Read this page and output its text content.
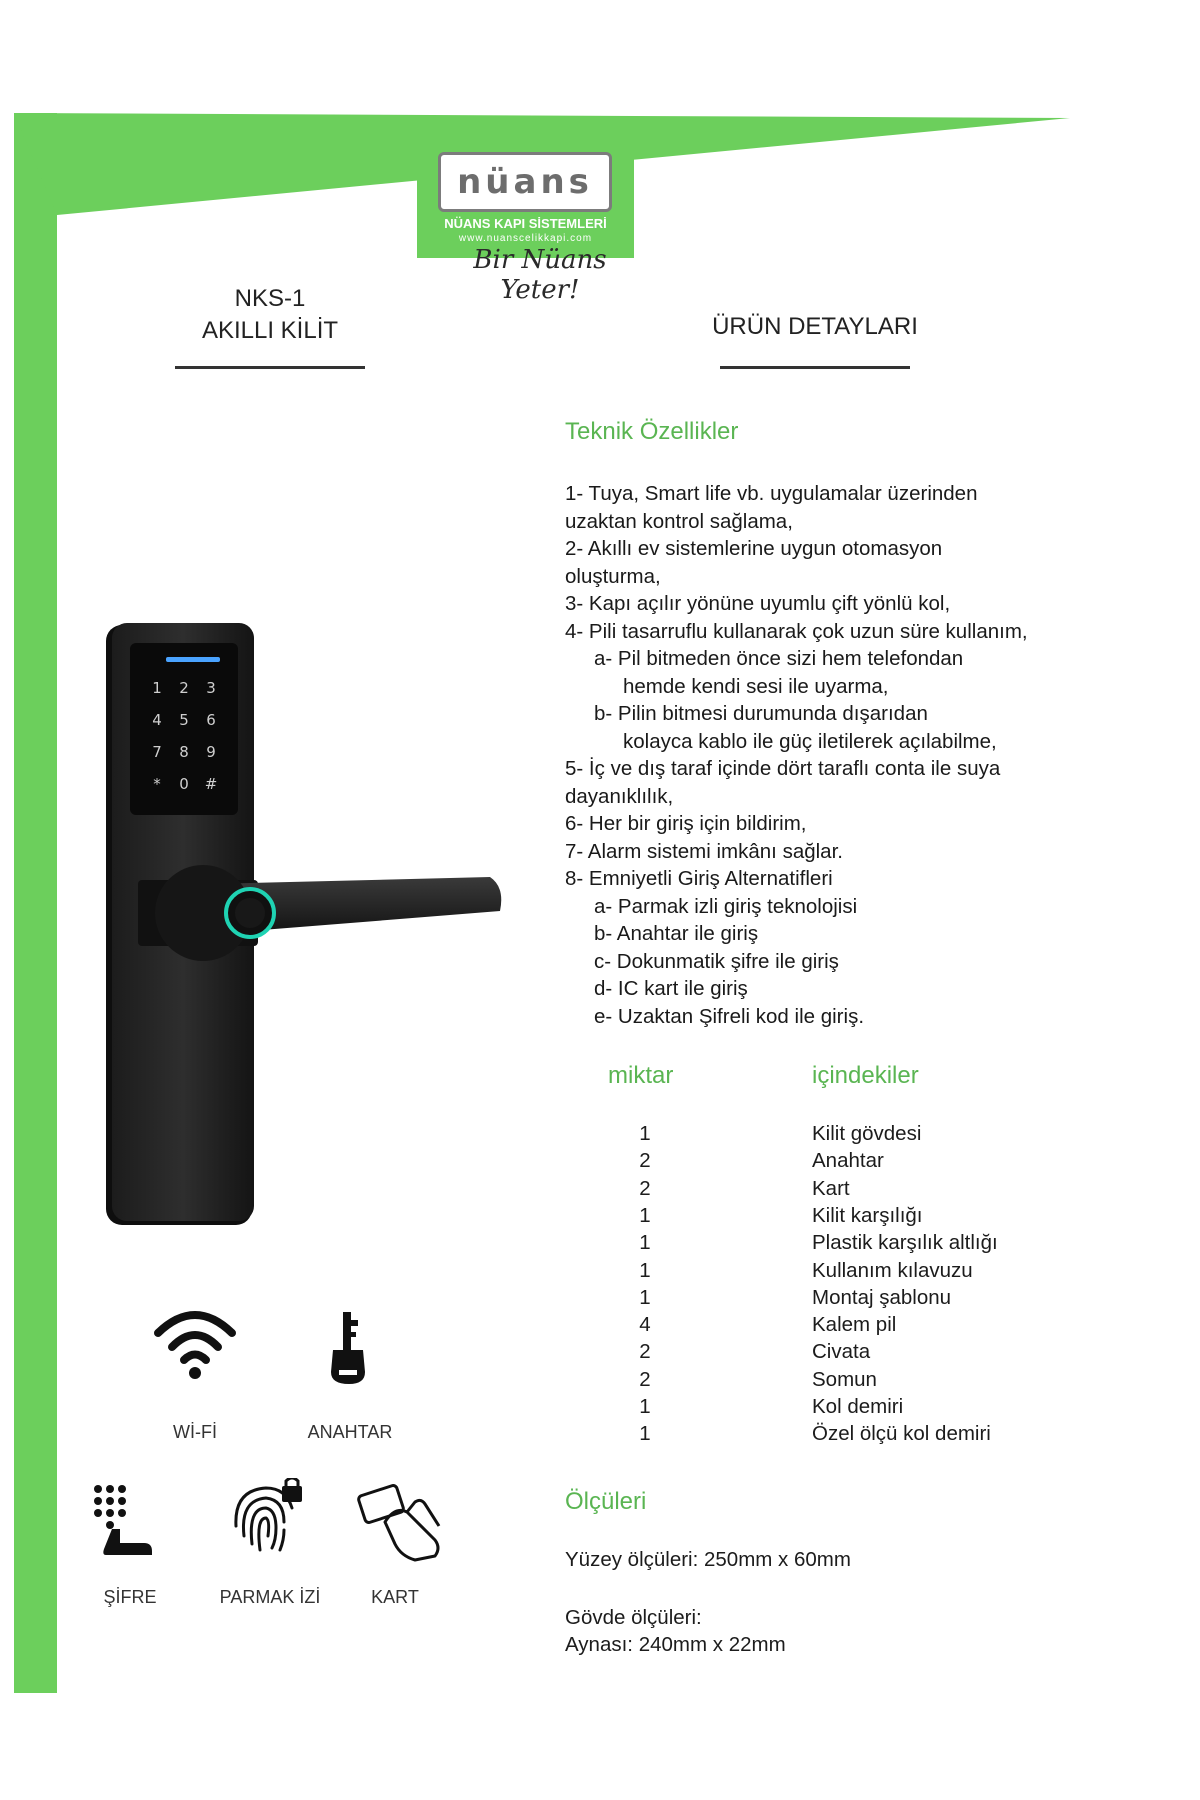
nüans
NÜANS KAPI SİSTEMLERİ
www.nuanscelikkapi.com
Bir Nüans Yeter!
NKS-1
AKILLI KİLİT	ÜRÜN DETAYLARI
1 2 3
4 5 6
7 8 9
* 0 #
Wİ-Fİ	ANAHTAR
ŞİFRE	PARMAK İZİ	KART
Teknik Özellikler
1- Tuya, Smart life vb. uygulamalar üzerinden
uzaktan kontrol sağlama,
2- Akıllı ev sistemlerine uygun otomasyon
oluşturma,
3- Kapı açılır yönüne uyumlu çift yönlü kol,
4- Pili tasarruflu kullanarak çok uzun süre kullanım,
a- Pil bitmeden önce sizi hem telefondan
hemde kendi sesi ile uyarma,
b- Pilin bitmesi durumunda dışarıdan
kolayca kablo ile güç iletilerek açılabilme,
5- İç ve dış taraf içinde dört taraflı conta ile suya
dayanıklılık,
6- Her bir giriş için bildirim,
7- Alarm sistemi imkânı sağlar.
8- Emniyetli Giriş Alternatifleri
a- Parmak izli giriş teknolojisi
b- Anahtar ile giriş
c- Dokunmatik şifre ile giriş
d- IC kart ile giriş
e- Uzaktan Şifreli kod ile giriş.
miktar	içindekiler
1	Kilit gövdesi
2	Anahtar
2	Kart
1	Kilit karşılığı
1	Plastik karşılık altlığı
1	Kullanım kılavuzu
1	Montaj şablonu
4	Kalem pil
2	Civata
2	Somun
1	Kol demiri
1	Özel ölçü kol demiri
Ölçüleri
Yüzey ölçüleri: 250mm x 60mm
Gövde ölçüleri:
Aynası: 240mm x 22mm
